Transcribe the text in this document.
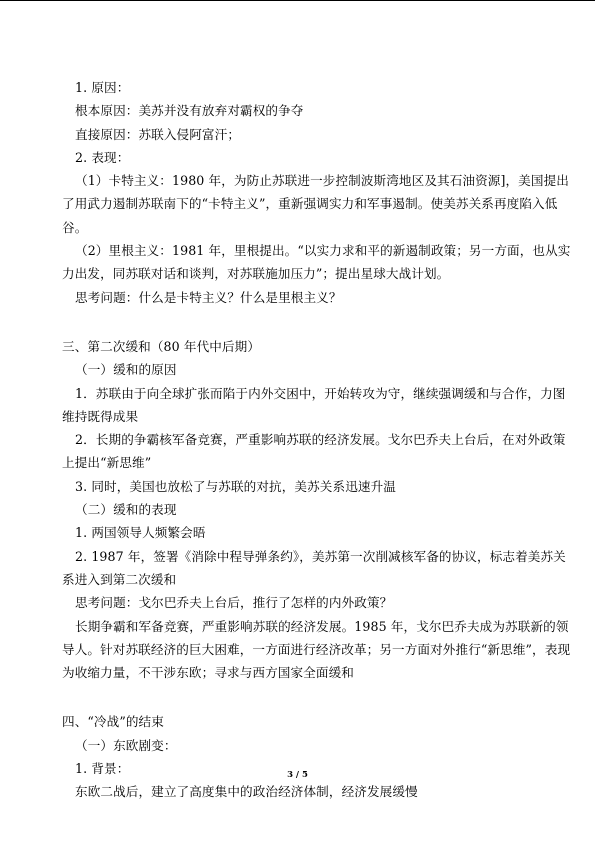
1. 原因：
根本原因：美苏并没有放弃对霸权的争夺
直接原因：苏联入侵阿富汗；
2. 表现：
（1）卡特主义：1980 年，为防止苏联进一步控制波斯湾地区及其石油资源]，美国提出
了用武力遏制苏联南下的“卡特主义”，重新强调实力和军事遏制。使美苏关系再度陷入低
谷。
（2）里根主义：1981 年，里根提出。“以实力求和平的新遏制政策；另一方面，也从实
力出发，同苏联对话和谈判，对苏联施加压力”；提出星球大战计划。
思考问题：什么是卡特主义？什么是里根主义？
三、第二次缓和（80 年代中后期）
（一）缓和的原因
1．苏联由于向全球扩张而陷于内外交困中，开始转攻为守，继续强调缓和与合作，力图
维持既得成果
2．长期的争霸核军备竞赛，严重影响苏联的经济发展。戈尔巴乔夫上台后，在对外政策
上提出“新思维”
3. 同时，美国也放松了与苏联的对抗，美苏关系迅速升温
（二）缓和的表现
1. 两国领导人频繁会晤
2. 1987 年，签署《消除中程导弹条约》，美苏第一次削减核军备的协议，标志着美苏关
系进入到第二次缓和
思考问题：戈尔巴乔夫上台后，推行了怎样的内外政策？
长期争霸和军备竞赛，严重影响苏联的经济发展。1985 年，戈尔巴乔夫成为苏联新的领
导人。针对苏联经济的巨大困难，一方面进行经济改革；另一方面对外推行“新思维”，表现
为收缩力量，不干涉东欧；寻求与西方国家全面缓和
四、“冷战”的结束
（一）东欧剧变：
1. 背景：
东欧二战后，建立了高度集中的政治经济体制，经济发展缓慢
3 / 5
